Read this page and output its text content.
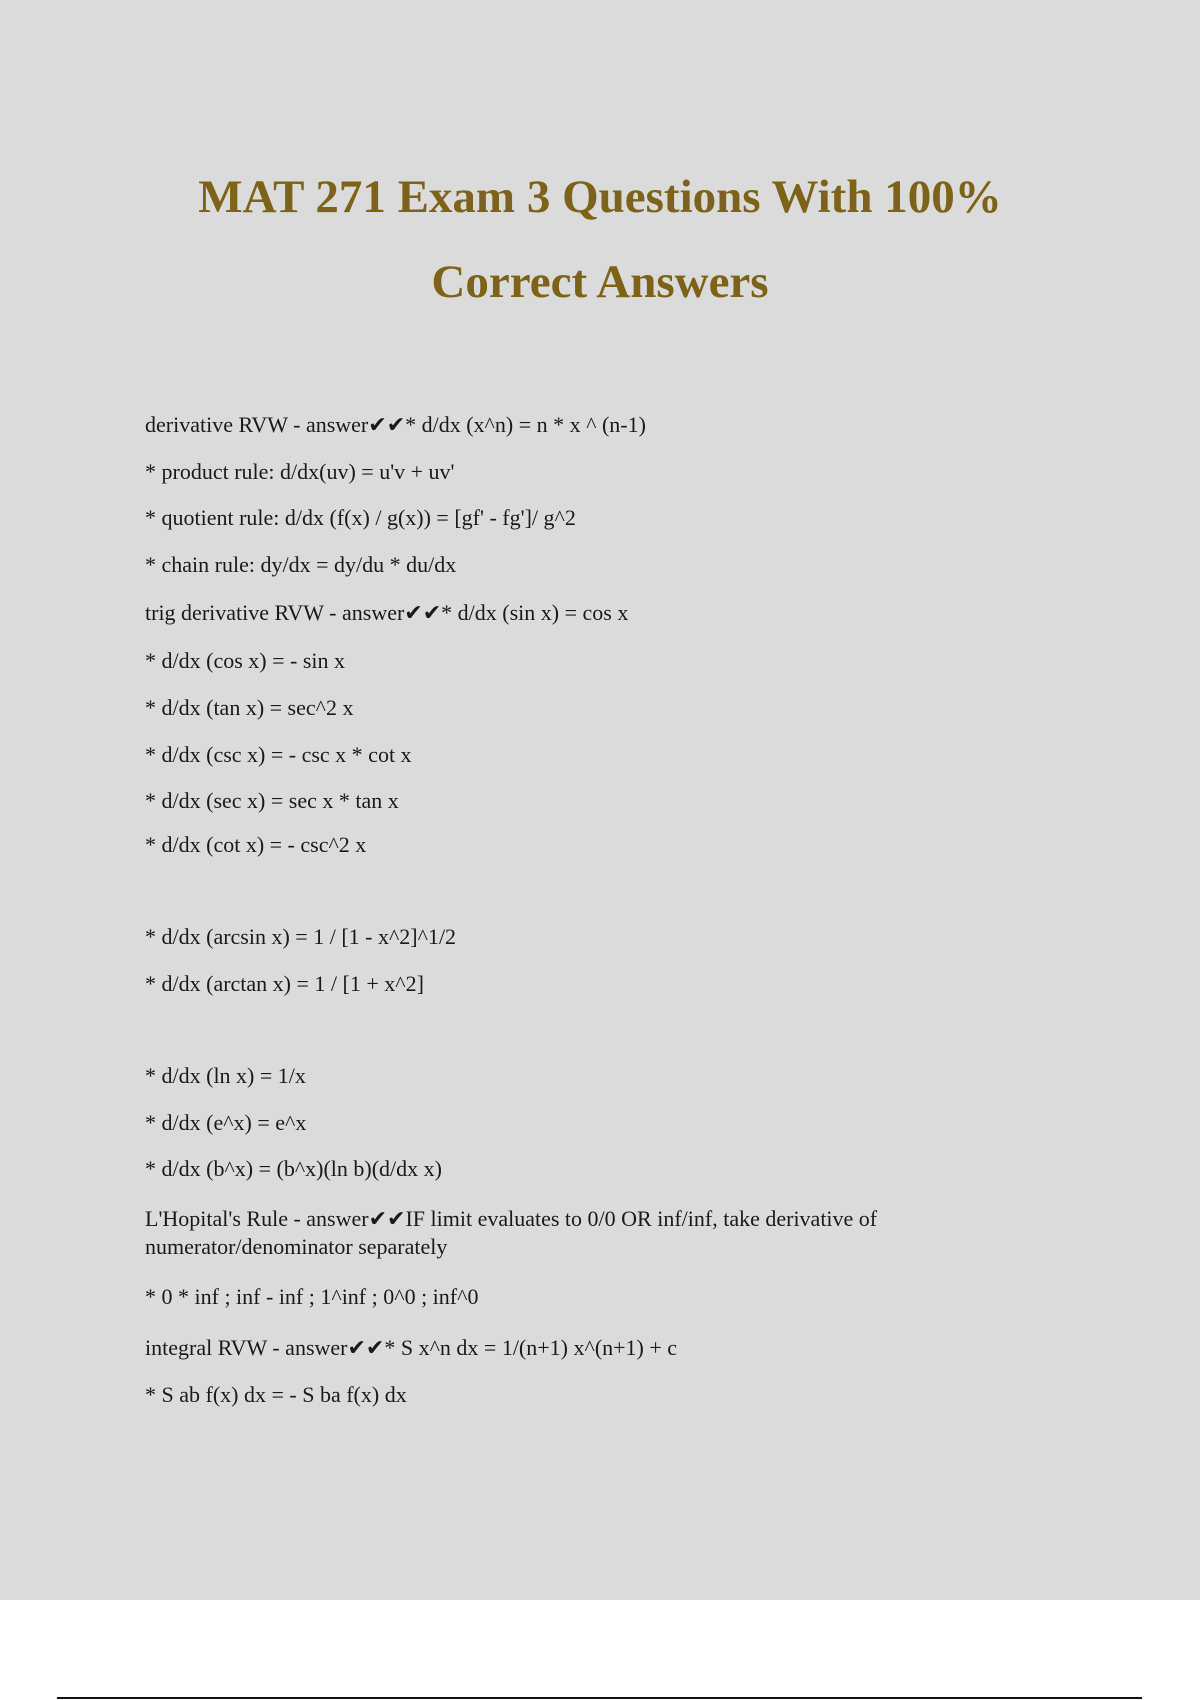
MAT 271 Exam 3 Questions With 100%
Correct Answers
derivative RVW - answer✔✔* d/dx (x^n) = n * x ^ (n-1)
* product rule: d/dx(uv) = u'v + uv'
* quotient rule: d/dx (f(x) / g(x)) = [gf' - fg']/ g^2
* chain rule: dy/dx = dy/du * du/dx
trig derivative RVW - answer✔✔* d/dx (sin x) = cos x
* d/dx (cos x) = - sin x
* d/dx (tan x) = sec^2 x
* d/dx (csc x) = - csc x * cot x
* d/dx (sec x) = sec x * tan x
* d/dx (cot x) = - csc^2 x
* d/dx (arcsin x) = 1 / [1 - x^2]^1/2
* d/dx (arctan x) = 1 / [1 + x^2]
* d/dx (ln x) = 1/x
* d/dx (e^x) = e^x
* d/dx (b^x) = (b^x)(ln b)(d/dx x)
L'Hopital's Rule - answer✔✔IF limit evaluates to 0/0 OR inf/inf, take derivative of numerator/denominator separately
* 0 * inf ; inf - inf ; 1^inf ; 0^0 ; inf^0
integral RVW - answer✔✔* S x^n dx = 1/(n+1) x^(n+1) + c
* S ab f(x) dx = - S ba f(x) dx
